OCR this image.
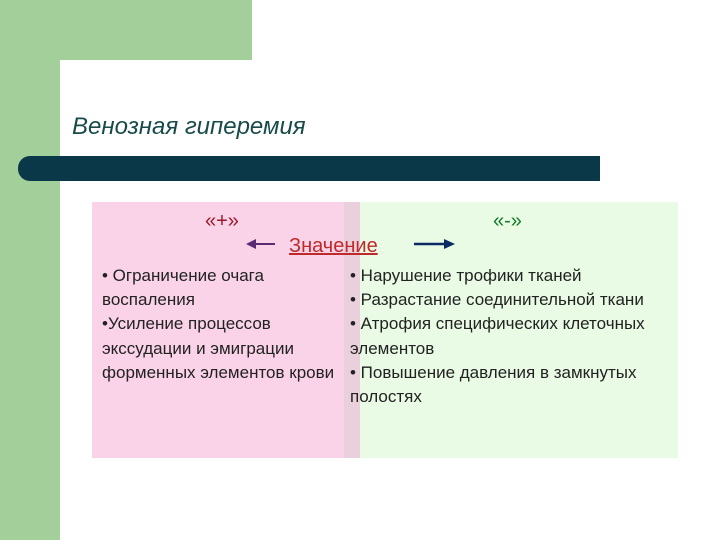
Венозная гиперемия
«+»	«-»
Значение
• Ограничение очага воспаления
•Усиление процессов экссудации и эмиграции форменных элементов крови
• Нарушение трофики тканей
• Разрастание соединительной ткани
• Атрофия специфических клеточных элементов
• Повышение давления в замкнутых       полостях
